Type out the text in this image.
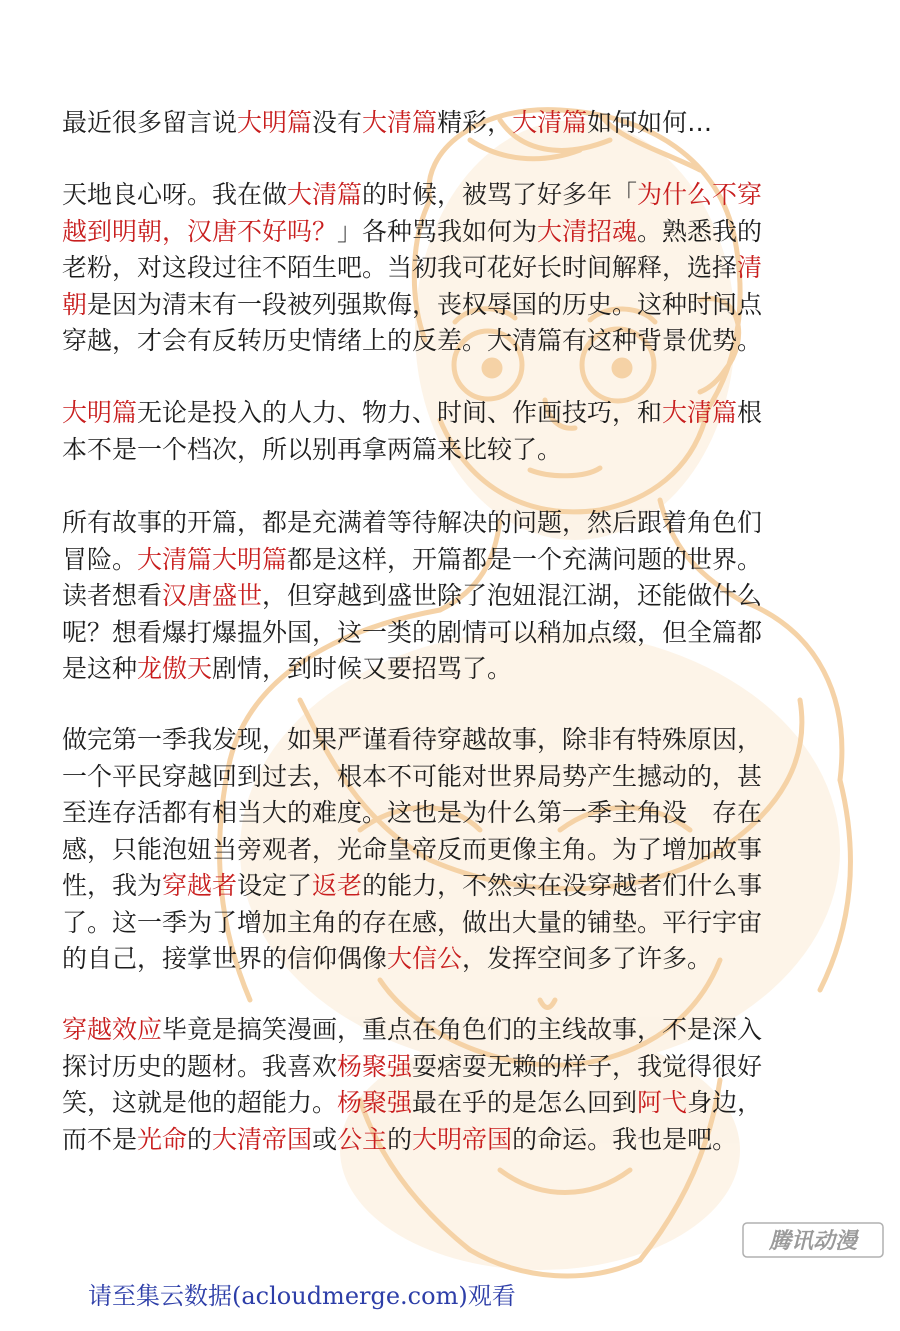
最近很多留言说大明篇没有大清篇精彩，大清篇如何如何…
天地良心呀。我在做大清篇的时候，被骂了好多年「为什么不穿
越到明朝，汉唐不好吗？」各种骂我如何为大清招魂。熟悉我的
老粉，对这段过往不陌生吧。当初我可花好长时间解释，选择清
朝是因为清末有一段被列强欺侮，丧权辱国的历史。这种时间点
穿越，才会有反转历史情绪上的反差。大清篇有这种背景优势。
大明篇无论是投入的人力、物力、时间、作画技巧，和大清篇根
本不是一个档次，所以别再拿两篇来比较了。
所有故事的开篇，都是充满着等待解决的问题，然后跟着角色们
冒险。大清篇大明篇都是这样，开篇都是一个充满问题的世界。
读者想看汉唐盛世，但穿越到盛世除了泡妞混江湖，还能做什么
呢？想看爆打爆揾外国，这一类的剧情可以稍加点缀，但全篇都
是这种龙傲天剧情，到时候又要招骂了。
做完第一季我发现，如果严谨看待穿越故事，除非有特殊原因，
一个平民穿越回到过去，根本不可能对世界局势产生撼动的，甚
至连存活都有相当大的难度。这也是为什么第一季主角没　存在
感，只能泡妞当旁观者，光命皇帝反而更像主角。为了增加故事
性，我为穿越者设定了返老的能力，不然实在没穿越者们什么事
了。这一季为了增加主角的存在感，做出大量的铺垫。平行宇宙
的自己，接掌世界的信仰偶像大信公，发挥空间多了许多。
穿越效应毕竟是搞笑漫画，重点在角色们的主线故事，不是深入
探讨历史的题材。我喜欢杨聚强耍痞耍无赖的样子，我觉得很好
笑，这就是他的超能力。杨聚强最在乎的是怎么回到阿弋身边，
而不是光命的大清帝国或公主的大明帝国的命运。我也是吧。
腾讯动漫
请至集云数据(acloudmerge.com)观看
